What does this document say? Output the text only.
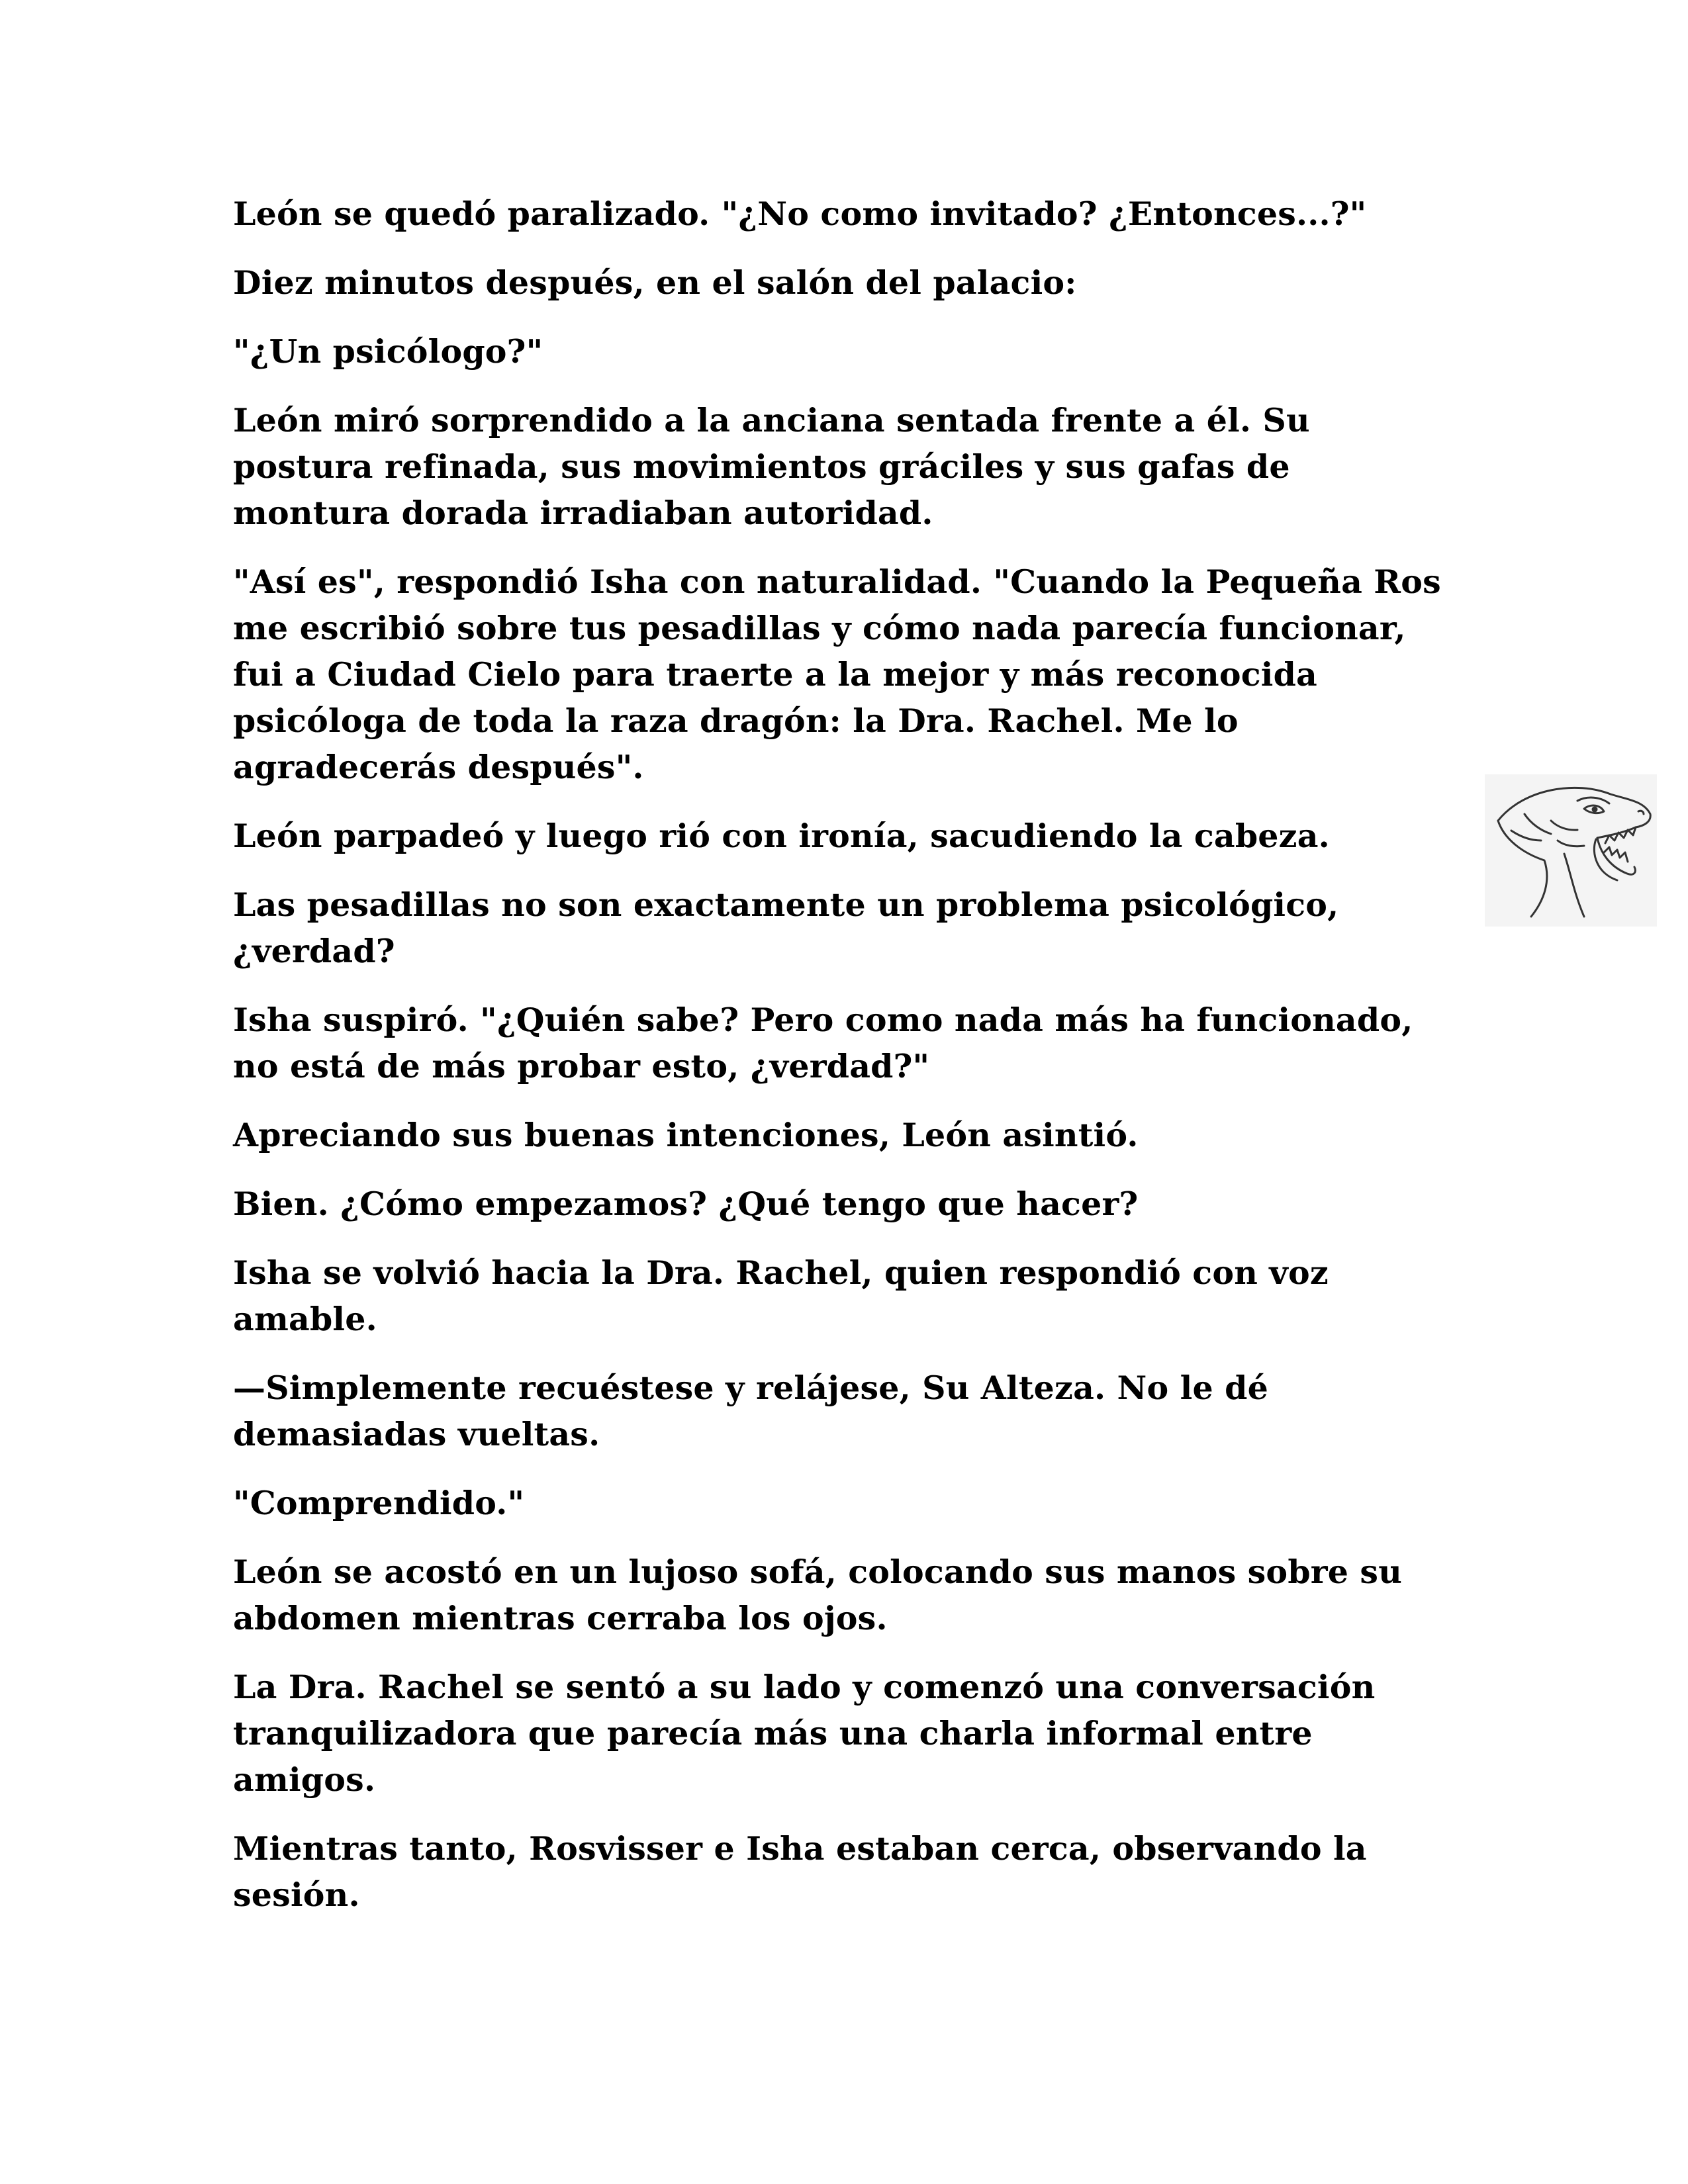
León se quedó paralizado. "¿No como invitado? ¿Entonces...?"

Diez minutos después, en el salón del palacio:

"¿Un psicólogo?"

León miró sorprendido a la anciana sentada frente a él. Su postura refinada, sus movimientos gráciles y sus gafas de montura dorada irradiaban autoridad.

"Así es", respondió Isha con naturalidad. "Cuando la Pequeña Ros me escribió sobre tus pesadillas y cómo nada parecía funcionar, fui a Ciudad Cielo para traerte a la mejor y más reconocida psicóloga de toda la raza dragón: la Dra. Rachel. Me lo agradecerás después".

León parpadeó y luego rió con ironía, sacudiendo la cabeza.

Las pesadillas no son exactamente un problema psicológico, ¿verdad?

Isha suspiró. "¿Quién sabe? Pero como nada más ha funcionado, no está de más probar esto, ¿verdad?"

Apreciando sus buenas intenciones, León asintió.

Bien. ¿Cómo empezamos? ¿Qué tengo que hacer?

Isha se volvió hacia la Dra. Rachel, quien respondió con voz amable.

—Simplemente recuéstese y relájese, Su Alteza. No le dé demasiadas vueltas.

"Comprendido."

León se acostó en un lujoso sofá, colocando sus manos sobre su abdomen mientras cerraba los ojos.

La Dra. Rachel se sentó a su lado y comenzó una conversación tranquilizadora que parecía más una charla informal entre amigos.

Mientras tanto, Rosvisser e Isha estaban cerca, observando la sesión.
